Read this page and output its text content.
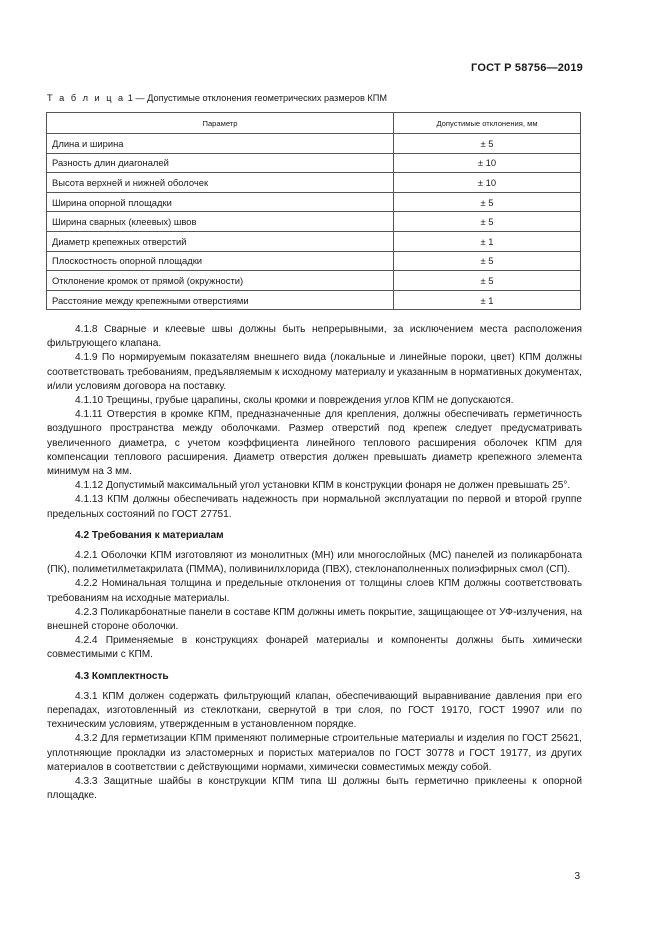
ГОСТ Р 58756—2019
Т а б л и ц а 1 — Допустимые отклонения геометрических размеров КПМ
Параметр	Допустимые отклонения, мм
Длина и ширина	± 5
Разность длин диагоналей	± 10
Высота верхней и нижней оболочек	± 10
Ширина опорной площадки	± 5
Ширина сварных (клеевых) швов	± 5
Диаметр крепежных отверстий	± 1
Плоскостность опорной площадки	± 5
Отклонение кромок от прямой (окружности)	± 5
Расстояние между крепежными отверстиями	± 1

4.1.8 Сварные и клеевые швы должны быть непрерывными, за исключением места расположения фильтрующего клапана.

4.1.9 По нормируемым показателям внешнего вида (локальные и линейные пороки, цвет) КПМ должны соответствовать требованиям, предъявляемым к исходному материалу и указанным в нормативных документах, и/или условиям договора на поставку.

4.1.10 Трещины, грубые царапины, сколы кромки и повреждения углов КПМ не допускаются.

4.1.11 Отверстия в кромке КПМ, предназначенные для крепления, должны обеспечивать герметичность воздушного пространства между оболочками. Размер отверстий под крепеж следует предусматривать увеличенного диаметра, с учетом коэффициента линейного теплового расширения оболочек КПМ для компенсации теплового расширения. Диаметр отверстия должен превышать диаметр крепежного элемента минимум на 3 мм.

4.1.12 Допустимый максимальный угол установки КПМ в конструкции фонаря не должен превышать 25°.

4.1.13 КПМ должны обеспечивать надежность при нормальной эксплуатации по первой и второй группе предельных состояний по ГОСТ 27751.

4.2 Требования к материалам

4.2.1 Оболочки КПМ изготовляют из монолитных (МН) или многослойных (МС) панелей из поликарбоната (ПК), полиметилметакрилата (ПММА), поливинилхлорида (ПВХ), стеклонаполненных полиэфирных смол (СП).

4.2.2 Номинальная толщина и предельные отклонения от толщины слоев КПМ должны соответствовать требованиям на исходные материалы.

4.2.3 Поликарбонатные панели в составе КПМ должны иметь покрытие, защищающее от УФ-излучения, на внешней стороне оболочки.

4.2.4 Применяемые в конструкциях фонарей материалы и компоненты должны быть химически совместимыми с КПМ.

4.3 Комплектность

4.3.1 КПМ должен содержать фильтрующий клапан, обеспечивающий выравнивание давления при его перепадах, изготовленный из стеклоткани, свернутой в три слоя, по ГОСТ 19170, ГОСТ 19907 или по техническим условиям, утвержденным в установленном порядке.

4.3.2 Для герметизации КПМ применяют полимерные строительные материалы и изделия по ГОСТ 25621, уплотняющие прокладки из эластомерных и пористых материалов по ГОСТ 30778 и ГОСТ 19177, из других материалов в соответствии с действующими нормами, химически совместимых между собой.

4.3.3 Защитные шайбы в конструкции КПМ типа Ш должны быть герметично приклеены к опорной площадке.

3
